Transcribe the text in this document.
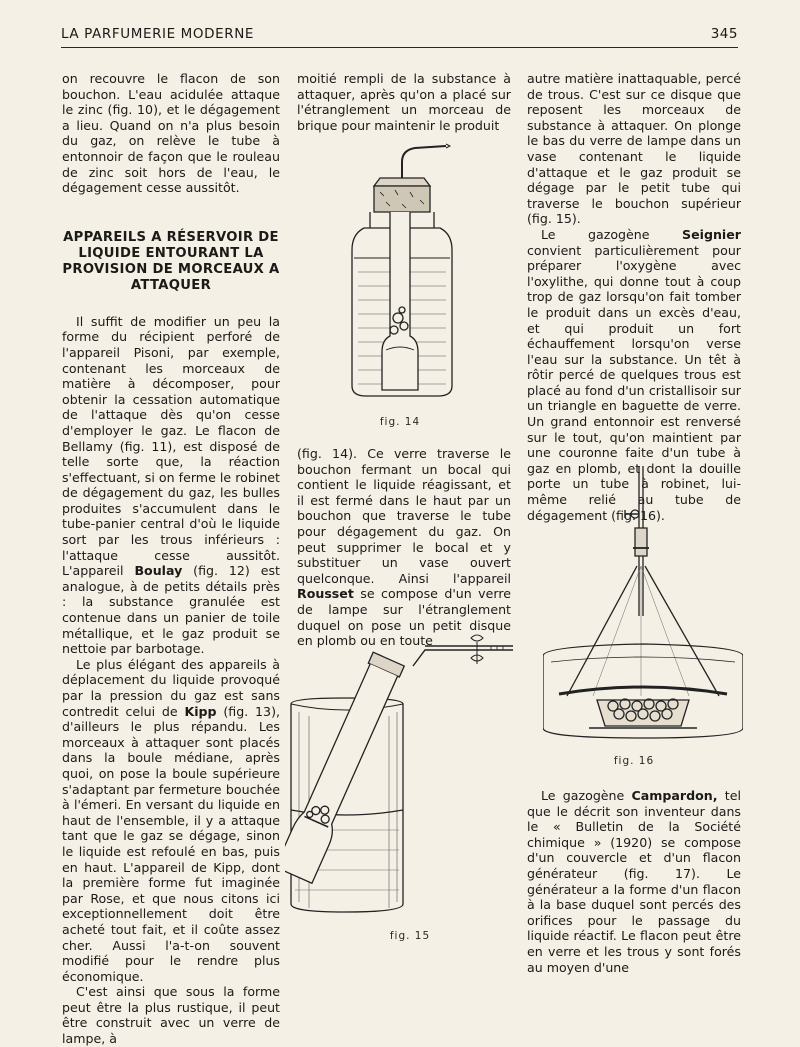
LA PARFUMERIE MODERNE	345

on recouvre le flacon de son bouchon. L'eau acidulée attaque le zinc (fig. 10), et le dégagement a lieu. Quand on n'a plus besoin du gaz, on relève le tube à entonnoir de façon que le rouleau de zinc soit hors de l'eau, le dégagement cesse aussitôt.

APPAREILS A RÉSERVOIR DE LIQUIDE ENTOURANT LA PROVISION DE MORCEAUX A ATTAQUER

Il suffit de modifier un peu la forme du récipient perforé de l'appareil Pisoni, par exemple, contenant les morceaux de matière à décomposer, pour obtenir la cessation automatique de l'attaque dès qu'on cesse d'employer le gaz. Le flacon de Bellamy (fig. 11), est disposé de telle sorte que, la réaction s'effectuant, si on ferme le robinet de dégagement du gaz, les bulles produites s'accumulent dans le tube-panier central d'où le liquide sort par les trous inférieurs : l'attaque cesse aussitôt. L'appareil Boulay (fig. 12) est analogue, à de petits détails près : la substance granulée est contenue dans un panier de toile métallique, et le gaz produit se nettoie par barbotage.

Le plus élégant des appareils à déplacement du liquide provoqué par la pression du gaz est sans contredit celui de Kipp (fig. 13), d'ailleurs le plus répandu. Les morceaux à attaquer sont placés dans la boule médiane, après quoi, on pose la boule supérieure s'adaptant par fermeture bouchée à l'émeri. En versant du liquide en haut de l'ensemble, il y a attaque tant que le gaz se dégage, sinon le liquide est refoulé en bas, puis en haut. L'appareil de Kipp, dont la première forme fut imaginée par Rose, et que nous citons ici exceptionnellement doit être acheté tout fait, et il coûte assez cher. Aussi l'a-t-on souvent modifié pour le rendre plus économique.

C'est ainsi que sous la forme peut être la plus rustique, il peut être construit avec un verre de lampe, à

moitié rempli de la substance à attaquer, après qu'on a placé sur l'étranglement un morceau de brique pour maintenir le produit

fig. 14

(fig. 14). Ce verre traverse le bouchon fermant un bocal qui contient le liquide réagissant, et il est fermé dans le haut par un bouchon que traverse le tube pour dégagement du gaz. On peut supprimer le bocal et y substituer un vase ouvert quelconque. Ainsi l'appareil Rousset se compose d'un verre de lampe sur l'étranglement duquel on pose un petit disque en plomb ou en toute

fig. 15

autre matière inattaquable, percé de trous. C'est sur ce disque que reposent les morceaux de substance à attaquer. On plonge le bas du verre de lampe dans un vase contenant le liquide d'attaque et le gaz produit se dégage par le petit tube qui traverse le bouchon supérieur (fig. 15).

Le gazogène Seignier convient particulièrement pour préparer l'oxygène avec l'oxylithe, qui donne tout à coup trop de gaz lorsqu'on fait tomber le produit dans un excès d'eau, et qui produit un fort échauffement lorsqu'on verse l'eau sur la substance. Un têt à rôtir percé de quelques trous est placé au fond d'un cristallisoir sur un triangle en baguette de verre. Un grand entonnoir est renversé sur le tout, qu'on maintient par une couronne faite d'un tube à gaz en plomb, et dont la douille porte un tube à robinet, lui-même relié au tube de dégagement (fig. 16).

fig. 16

Le gazogène Campardon, tel que le décrit son inventeur dans le « Bulletin de la Société chimique » (1920) se compose d'un couvercle et d'un flacon générateur (fig. 17). Le générateur a la forme d'un flacon à la base duquel sont percés des orifices pour le passage du liquide réactif. Le flacon peut être en verre et les trous y sont forés au moyen d'une
